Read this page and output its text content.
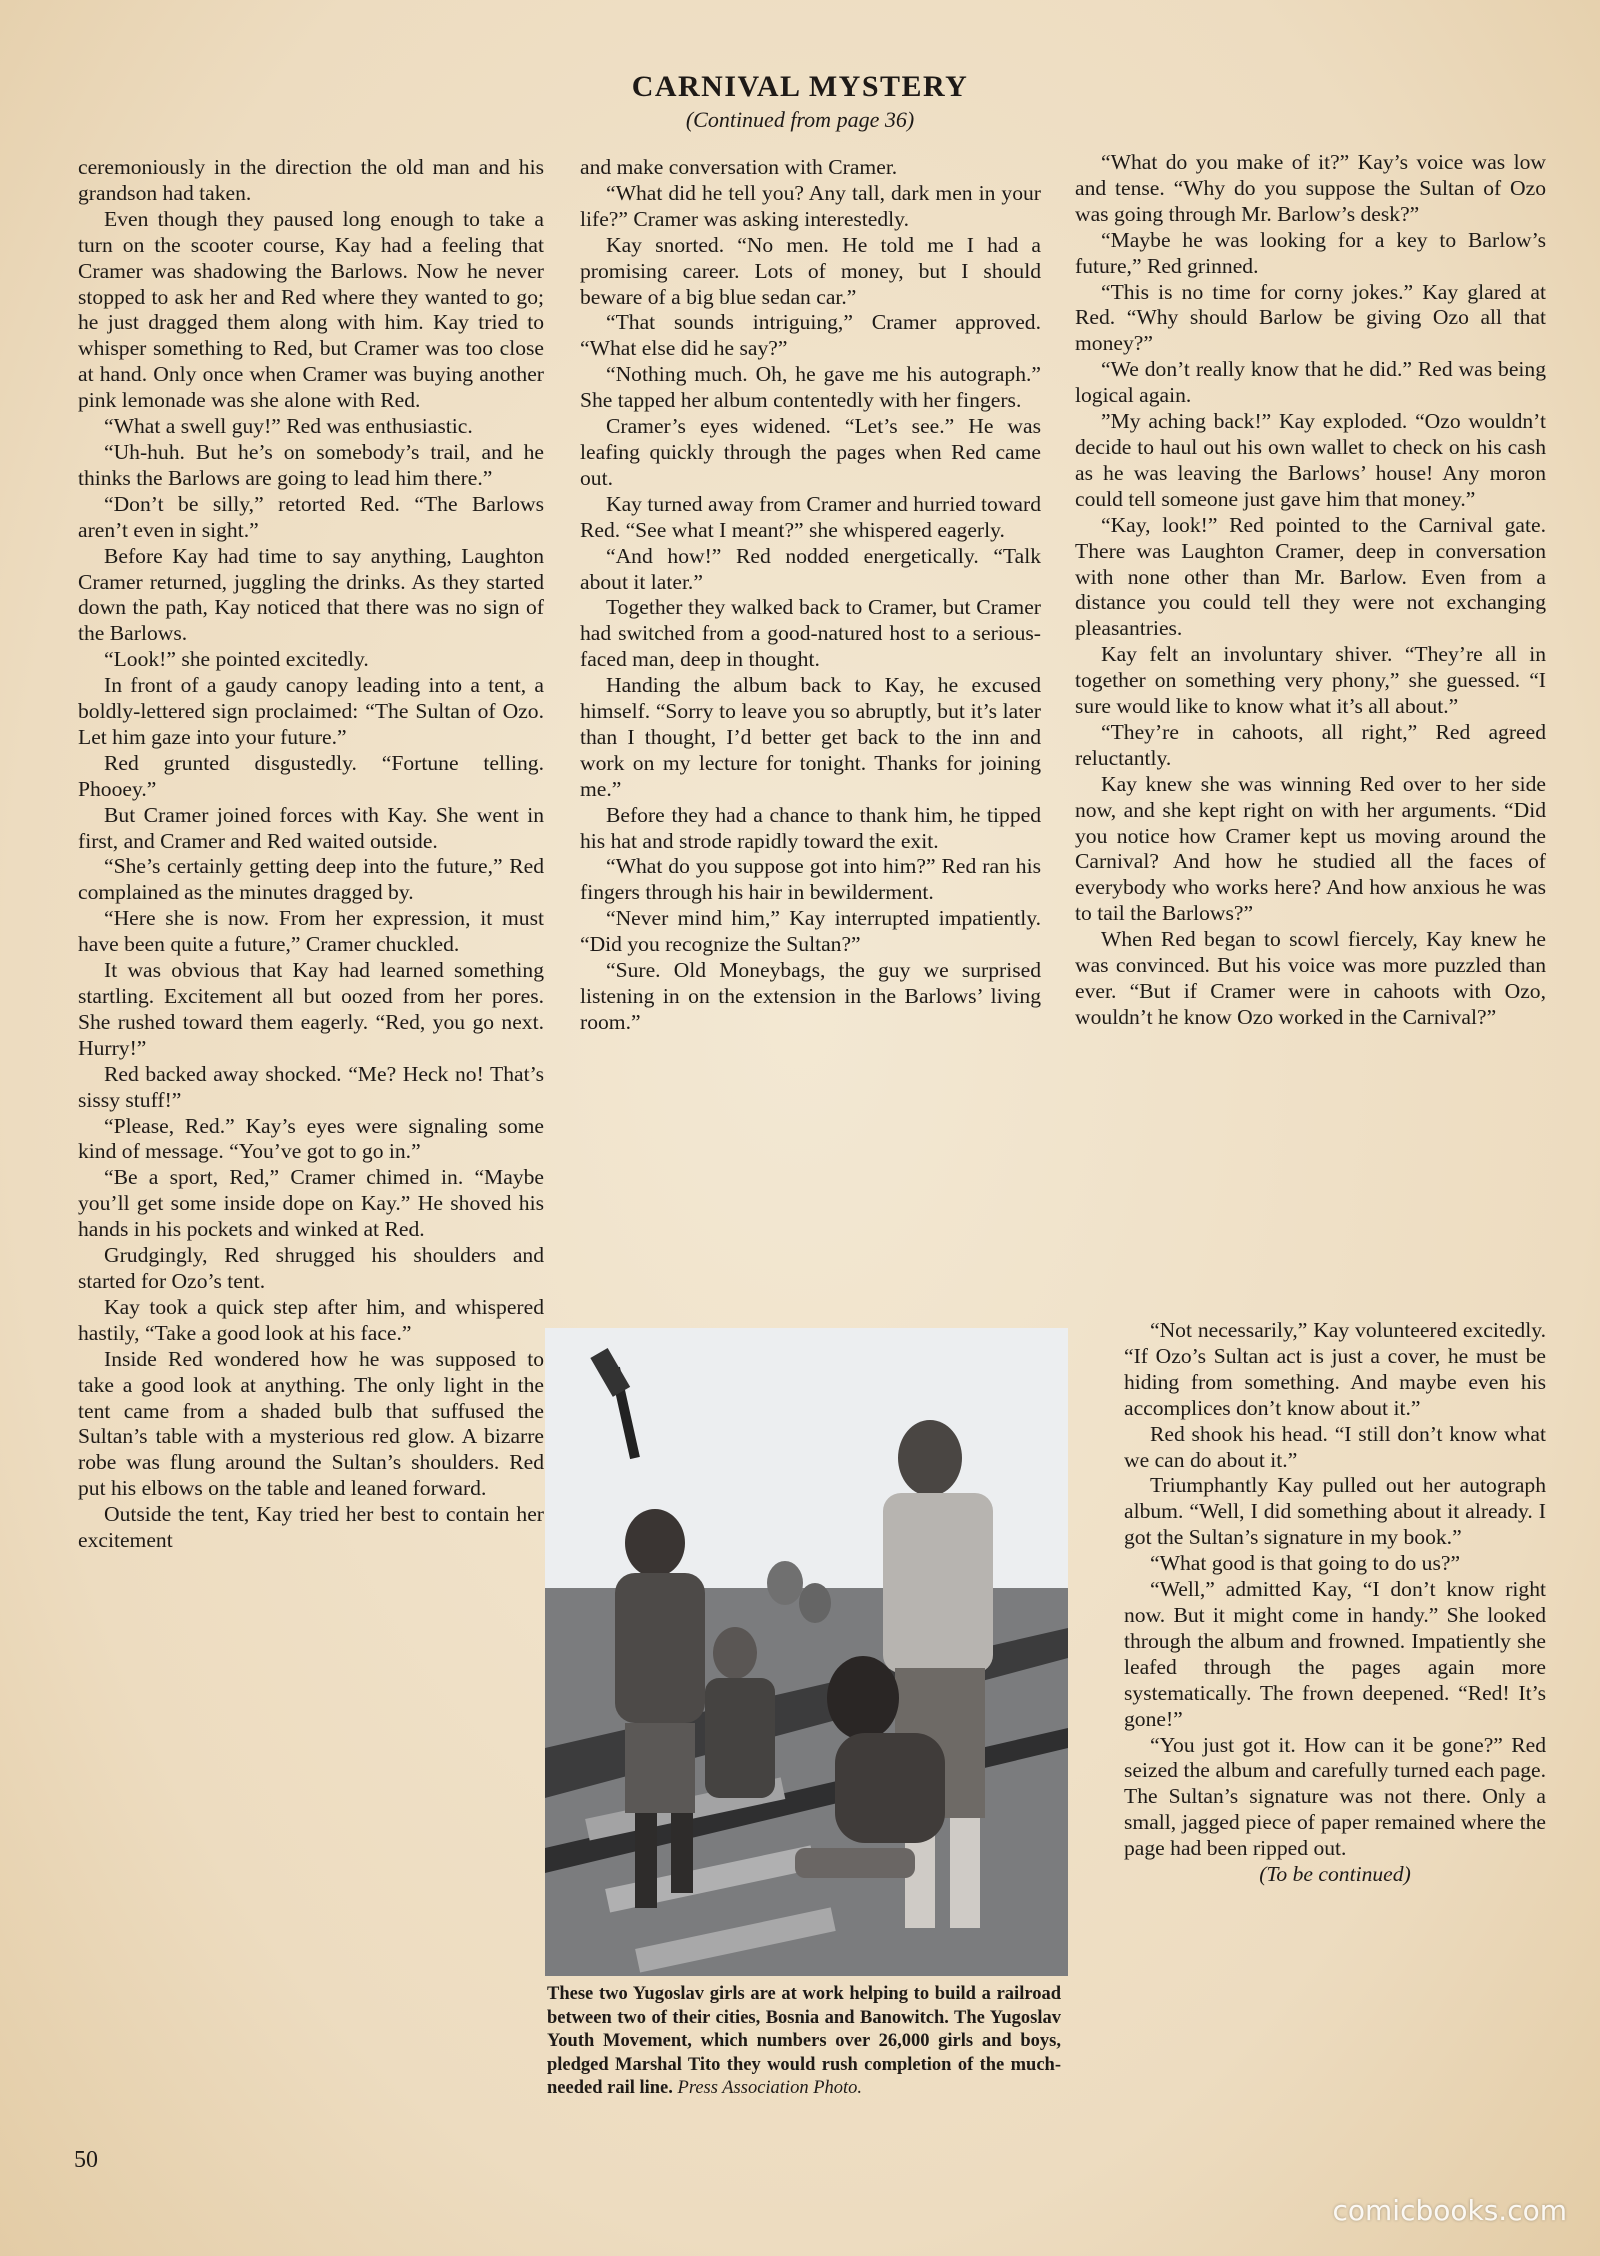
CARNIVAL MYSTERY
(Continued from page 36)

ceremoniously in the direction the old man and his grandson had taken.

Even though they paused long enough to take a turn on the scooter course, Kay had a feeling that Cramer was shadowing the Barlows. Now he never stopped to ask her and Red where they wanted to go; he just dragged them along with him. Kay tried to whisper something to Red, but Cramer was too close at hand. Only once when Cramer was buying another pink lemonade was she alone with Red.

“What a swell guy!” Red was enthusiastic.

“Uh-huh. But he’s on somebody’s trail, and he thinks the Barlows are going to lead him there.”

“Don’t be silly,” retorted Red. “The Barlows aren’t even in sight.”

Before Kay had time to say anything, Laughton Cramer returned, juggling the drinks. As they started down the path, Kay noticed that there was no sign of the Barlows.

“Look!” she pointed excitedly.

In front of a gaudy canopy leading into a tent, a boldly-lettered sign proclaimed: “The Sultan of Ozo. Let him gaze into your future.”

Red grunted disgustedly. “Fortune telling. Phooey.”

But Cramer joined forces with Kay. She went in first, and Cramer and Red waited outside.

“She’s certainly getting deep into the future,” Red complained as the minutes dragged by.

“Here she is now. From her expression, it must have been quite a future,” Cramer chuckled.

It was obvious that Kay had learned something startling. Excitement all but oozed from her pores. She rushed toward them eagerly. “Red, you go next. Hurry!”

Red backed away shocked. “Me? Heck no! That’s sissy stuff!”

“Please, Red.” Kay’s eyes were signaling some kind of message. “You’ve got to go in.”

“Be a sport, Red,” Cramer chimed in. “Maybe you’ll get some inside dope on Kay.” He shoved his hands in his pockets and winked at Red.

Grudgingly, Red shrugged his shoulders and started for Ozo’s tent.

Kay took a quick step after him, and whispered hastily, “Take a good look at his face.”

Inside Red wondered how he was supposed to take a good look at anything. The only light in the tent came from a shaded bulb that suffused the Sultan’s table with a mysterious red glow. A bizarre robe was flung around the Sultan’s shoulders. Red put his elbows on the table and leaned forward.

Outside the tent, Kay tried her best to contain her excitement

and make conversation with Cramer.

“What did he tell you? Any tall, dark men in your life?” Cramer was asking interestedly.

Kay snorted. “No men. He told me I had a promising career. Lots of money, but I should beware of a big blue sedan car.”

“That sounds intriguing,” Cramer approved. “What else did he say?”

“Nothing much. Oh, he gave me his autograph.” She tapped her album contentedly with her fingers.

Cramer’s eyes widened. “Let’s see.” He was leafing quickly through the pages when Red came out.

Kay turned away from Cramer and hurried toward Red. “See what I meant?” she whispered eagerly.

“And how!” Red nodded energetically. “Talk about it later.”

Together they walked back to Cramer, but Cramer had switched from a good-natured host to a serious-faced man, deep in thought.

Handing the album back to Kay, he excused himself. “Sorry to leave you so abruptly, but it’s later than I thought, I’d better get back to the inn and work on my lecture for tonight. Thanks for joining me.”

Before they had a chance to thank him, he tipped his hat and strode rapidly toward the exit.

“What do you suppose got into him?” Red ran his fingers through his hair in bewilderment.

“Never mind him,” Kay interrupted impatiently. “Did you recognize the Sultan?”

“Sure. Old Moneybags, the guy we surprised listening in on the extension in the Barlows’ living room.”

“What do you make of it?” Kay’s voice was low and tense. “Why do you suppose the Sultan of Ozo was going through Mr. Barlow’s desk?”

“Maybe he was looking for a key to Barlow’s future,” Red grinned.

“This is no time for corny jokes.” Kay glared at Red. “Why should Barlow be giving Ozo all that money?”

“We don’t really know that he did.” Red was being logical again.

”My aching back!” Kay exploded. “Ozo wouldn’t decide to haul out his own wallet to check on his cash as he was leaving the Barlows’ house! Any moron could tell someone just gave him that money.”

“Kay, look!” Red pointed to the Carnival gate. There was Laughton Cramer, deep in conversation with none other than Mr. Barlow. Even from a distance you could tell they were not exchanging pleasantries.

Kay felt an involuntary shiver. “They’re all in together on something very phony,” she guessed. “I sure would like to know what it’s all about.”

“They’re in cahoots, all right,” Red agreed reluctantly.

Kay knew she was winning Red over to her side now, and she kept right on with her arguments. “Did you notice how Cramer kept us moving around the Carnival? And how he studied all the faces of everybody who works here? And how anxious he was to tail the Barlows?”

When Red began to scowl fiercely, Kay knew he was convinced. But his voice was more puzzled than ever. “But if Cramer were in cahoots with Ozo, wouldn’t he know Ozo worked in the Carnival?”

“Not necessarily,” Kay volunteered excitedly. “If Ozo’s Sultan act is just a cover, he must be hiding from something. And maybe even his accomplices don’t know about it.”

Red shook his head. “I still don’t know what we can do about it.”

Triumphantly Kay pulled out her autograph album. “Well, I did something about it already. I got the Sultan’s signature in my book.”

“What good is that going to do us?”

“Well,” admitted Kay, “I don’t know right now. But it might come in handy.” She looked through the album and frowned. Impatiently she leafed through the pages again more systematically. The frown deepened. “Red! It’s gone!”

“You just got it. How can it be gone?” Red seized the album and carefully turned each page. The Sultan’s signature was not there. Only a small, jagged piece of paper remained where the page had been ripped out.

(To be continued)

These two Yugoslav girls are at work helping to build a railroad between two of their cities, Bosnia and Banowitch. The Yugoslav Youth Movement, which numbers over 26,000 girls and boys, pledged Marshal Tito they would rush completion of the much-needed rail line. Press Association Photo.
50
comicbooks.com
